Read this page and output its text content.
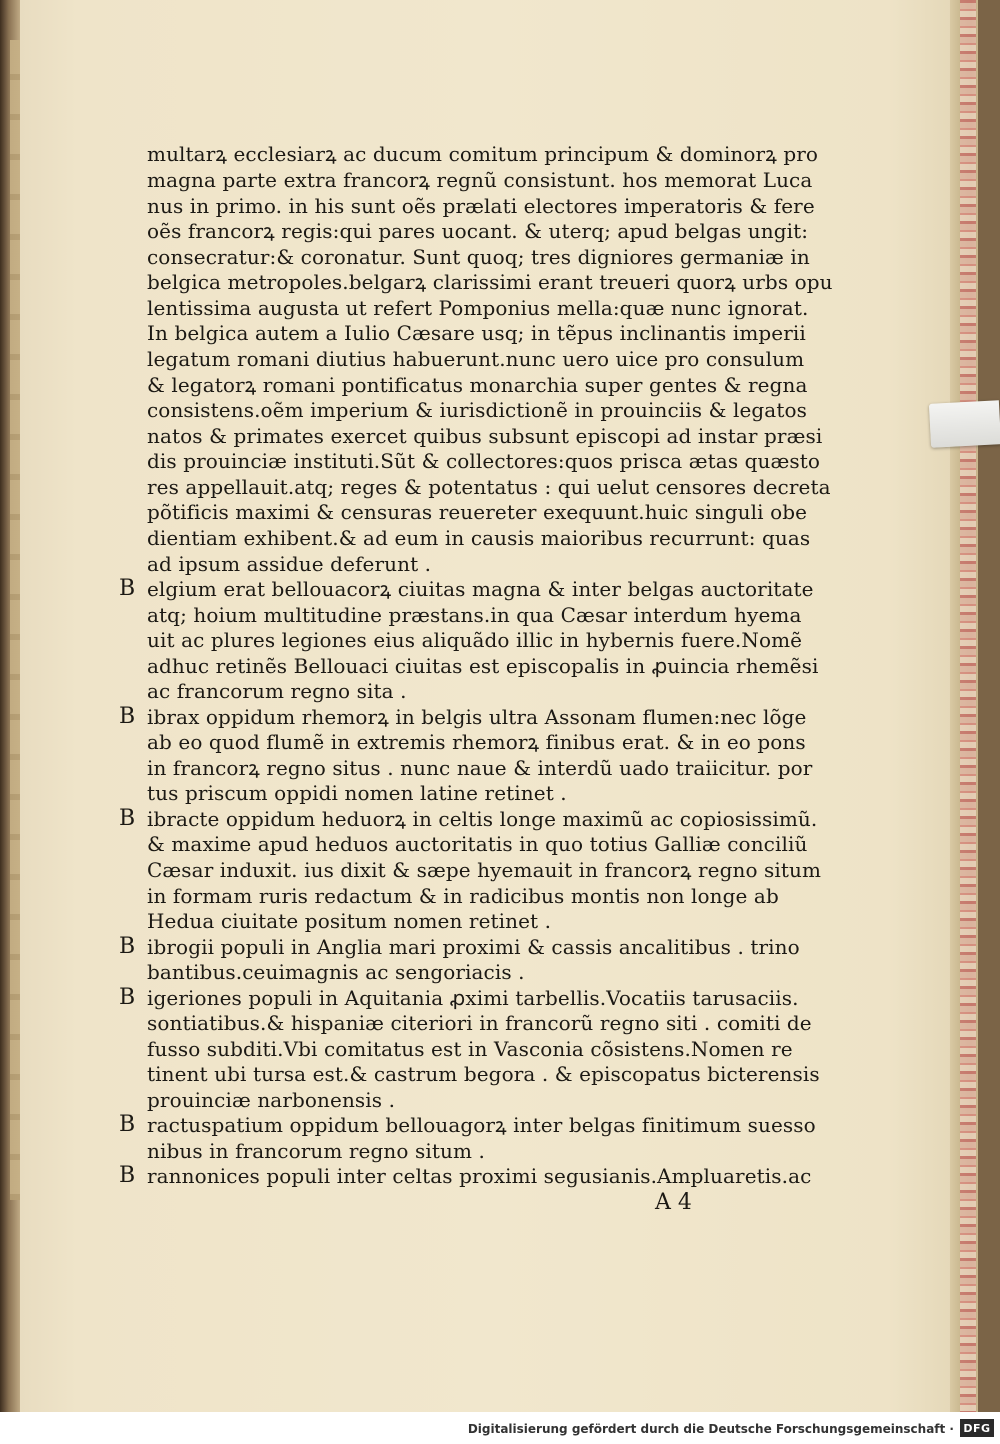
multarꝝ ecclesiarꝝ ac ducum comitum principum & dominorꝝ pro
magna parte extra francorꝝ regnũ consistunt. hos memorat Luca
nus in primo. in his sunt oẽs prælati electores imperatoris & fere
oẽs francorꝝ regis:qui pares uocant. & uterq; apud belgas ungit:
consecratur:& coronatur. Sunt quoq; tres digniores germaniæ in
belgica metropoles.belgarꝝ clarissimi erant treueri quorꝝ urbs opu
lentissima augusta ut refert Pomponius mella:quæ nunc ignorat.
In belgica autem a Iulio Cæsare usq; in tẽpus inclinantis imperii
legatum romani diutius habuerunt.nunc uero uice pro consulum
& legatorꝝ romani pontificatus monarchia super gentes & regna
consistens.oẽm imperium & iurisdictionẽ in prouinciis & legatos
natos & primates exercet quibus subsunt episcopi ad instar præsi
dis prouinciæ instituti.Sũt & collectores:quos prisca ætas quæsto
res appellauit.atq; reges & potentatus : qui uelut censores decreta
põtificis maximi & censuras reuereter exequunt.huic singuli obe
dientiam exhibent.& ad eum in causis maioribus recurrunt: quas
ad ipsum assidue deferunt .
B elgium erat bellouacorꝝ ciuitas magna & inter belgas auctoritate
atq; hoium multitudine præstans.in qua Cæsar interdum hyema
uit ac plures legiones eius aliquãdo illic in hybernis fuere.Nomẽ
adhuc retinẽs Bellouaci ciuitas est episcopalis in ꝓuincia rhemẽsi
ac francorum regno sita .
B ibrax oppidum rhemorꝝ in belgis ultra Assonam flumen:nec lõge
ab eo quod flumẽ in extremis rhemorꝝ finibus erat. & in eo pons
in francorꝝ regno situs . nunc naue & interdũ uado traiicitur. por
tus priscum oppidi nomen latine retinet .
B ibracte oppidum heduorꝝ in celtis longe maximũ ac copiosissimũ.
& maxime apud heduos auctoritatis in quo totius Galliæ conciliũ
Cæsar induxit. ius dixit & sæpe hyemauit in francorꝝ regno situm
in formam ruris redactum & in radicibus montis non longe ab
Hedua ciuitate positum nomen retinet .
B ibrogii populi in Anglia mari proximi & cassis ancalitibus . trino
bantibus.ceuimagnis ac sengoriacis .
B igeriones populi in Aquitania ꝓximi tarbellis.Vocatiis tarusaciis.
sontiatibus.& hispaniæ citeriori in francorũ regno siti . comiti de
fusso subditi.Vbi comitatus est in Vasconia cõsistens.Nomen re
tinent ubi tursa est.& castrum begora . & episcopatus bicterensis
prouinciæ narbonensis .
B ractuspatium oppidum bellouagorꝝ inter belgas finitimum suesso
nibus in francorum regno situm .
B rannonices populi inter celtas proximi segusianis.Ampluaretis.ac
A 4
Digitalisierung gefördert durch die Deutsche Forschungsgemeinschaft · DFG
